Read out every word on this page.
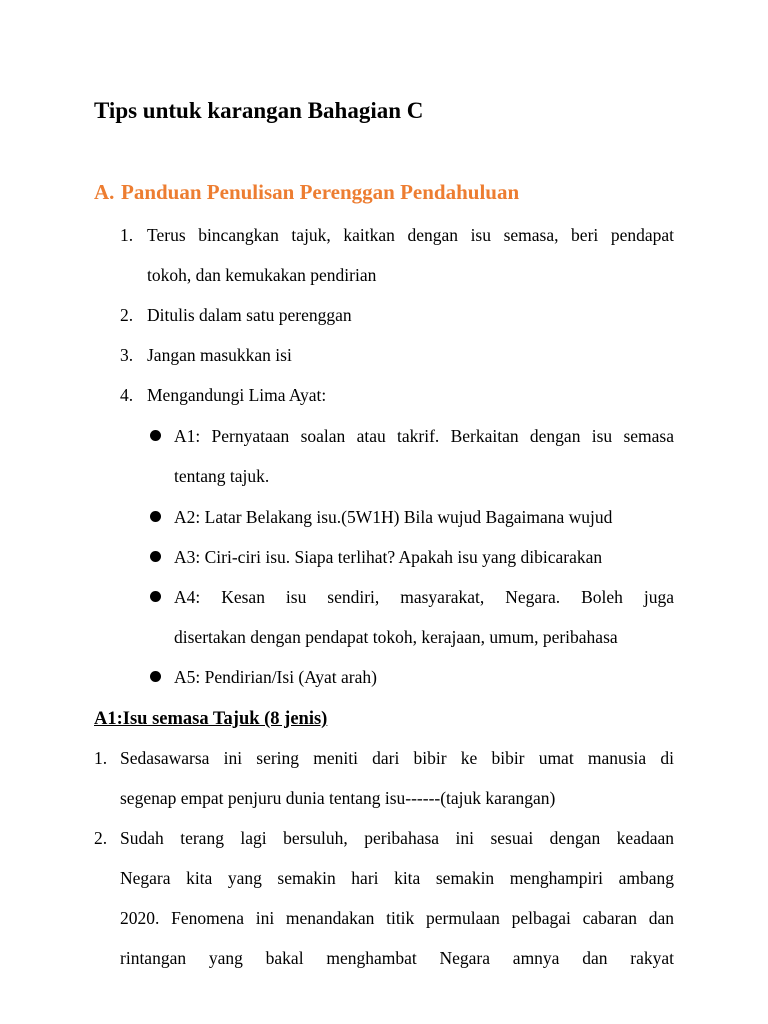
Tips untuk karangan Bahagian C
A. Panduan Penulisan Perenggan Pendahuluan
1. Terus bincangkan tajuk, kaitkan dengan isu semasa, beri pendapat
tokoh, dan kemukakan pendirian
2. Ditulis dalam satu perenggan
3. Jangan masukkan isi
4. Mengandungi Lima Ayat:
A1: Pernyataan soalan atau takrif. Berkaitan dengan isu semasa
tentang tajuk.
A2: Latar Belakang isu.(5W1H) Bila wujud Bagaimana wujud
A3: Ciri-ciri isu. Siapa terlihat? Apakah isu yang dibicarakan
A4: Kesan isu sendiri, masyarakat, Negara. Boleh juga
disertakan dengan pendapat tokoh, kerajaan, umum, peribahasa
A5: Pendirian/Isi (Ayat arah)
A1:Isu semasa Tajuk (8 jenis)
1. Sedasawarsa ini sering meniti dari bibir ke bibir umat manusia di
segenap empat penjuru dunia tentang isu------(tajuk karangan)
2. Sudah terang lagi bersuluh, peribahasa ini sesuai dengan keadaan
Negara kita yang semakin hari kita semakin menghampiri ambang
2020. Fenomena ini menandakan titik permulaan pelbagai cabaran dan
rintangan yang bakal menghambat Negara amnya dan rakyat
